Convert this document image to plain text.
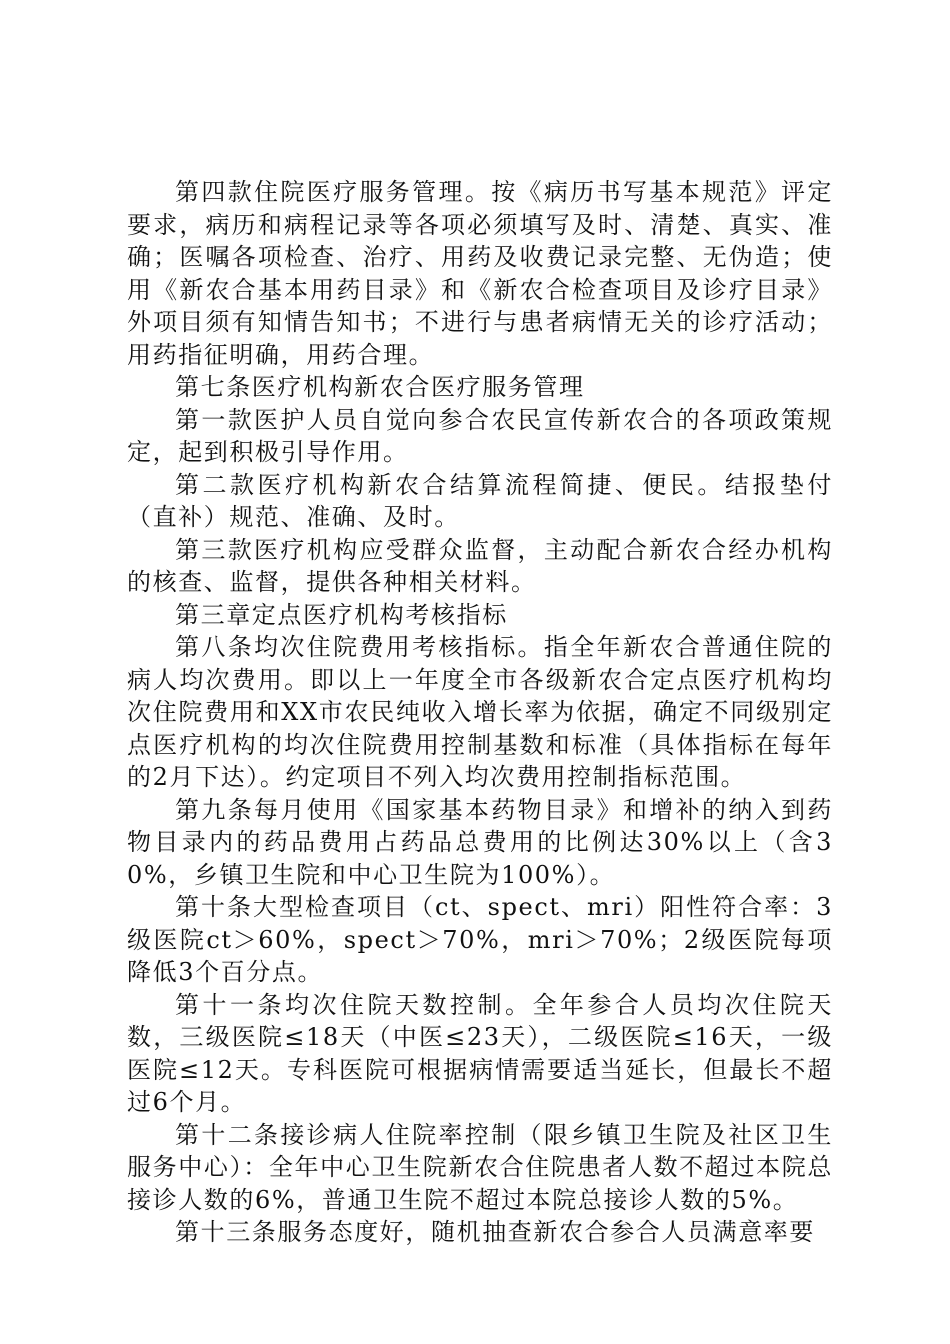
第四款住院医疗服务管理。按《病历书写基本规范》评定要求，病历和病程记录等各项必须填写及时、清楚、真实、准确；医嘱各项检查、治疗、用药及收费记录完整、无伪造；使用《新农合基本用药目录》和《新农合检查项目及诊疗目录》外项目须有知情告知书；不进行与患者病情无关的诊疗活动；用药指征明确，用药合理。

第七条医疗机构新农合医疗服务管理

第一款医护人员自觉向参合农民宣传新农合的各项政策规定，起到积极引导作用。

第二款医疗机构新农合结算流程简捷、便民。结报垫付（直补）规范、准确、及时。

第三款医疗机构应受群众监督，主动配合新农合经办机构的核查、监督，提供各种相关材料。

第三章定点医疗机构考核指标

第八条均次住院费用考核指标。指全年新农合普通住院的病人均次费用。即以上一年度全市各级新农合定点医疗机构均次住院费用和XX市农民纯收入增长率为依据，确定不同级别定点医疗机构的均次住院费用控制基数和标准（具体指标在每年的2月下达）。约定项目不列入均次费用控制指标范围。

第九条每月使用《国家基本药物目录》和增补的纳入到药物目录内的药品费用占药品总费用的比例达30%以上（含30%，乡镇卫生院和中心卫生院为100%）。

第十条大型检查项目（ct、spect、mri）阳性符合率：3级医院ct＞60%，spect＞70%，mri＞70%；2级医院每项降低3个百分点。

第十一条均次住院天数控制。全年参合人员均次住院天数，三级医院≤18天（中医≤23天），二级医院≤16天，一级医院≤12天。专科医院可根据病情需要适当延长，但最长不超过6个月。

第十二条接诊病人住院率控制（限乡镇卫生院及社区卫生服务中心）：全年中心卫生院新农合住院患者人数不超过本院总接诊人数的6%，普通卫生院不超过本院总接诊人数的5%。

第十三条服务态度好，随机抽查新农合参合人员满意率要
